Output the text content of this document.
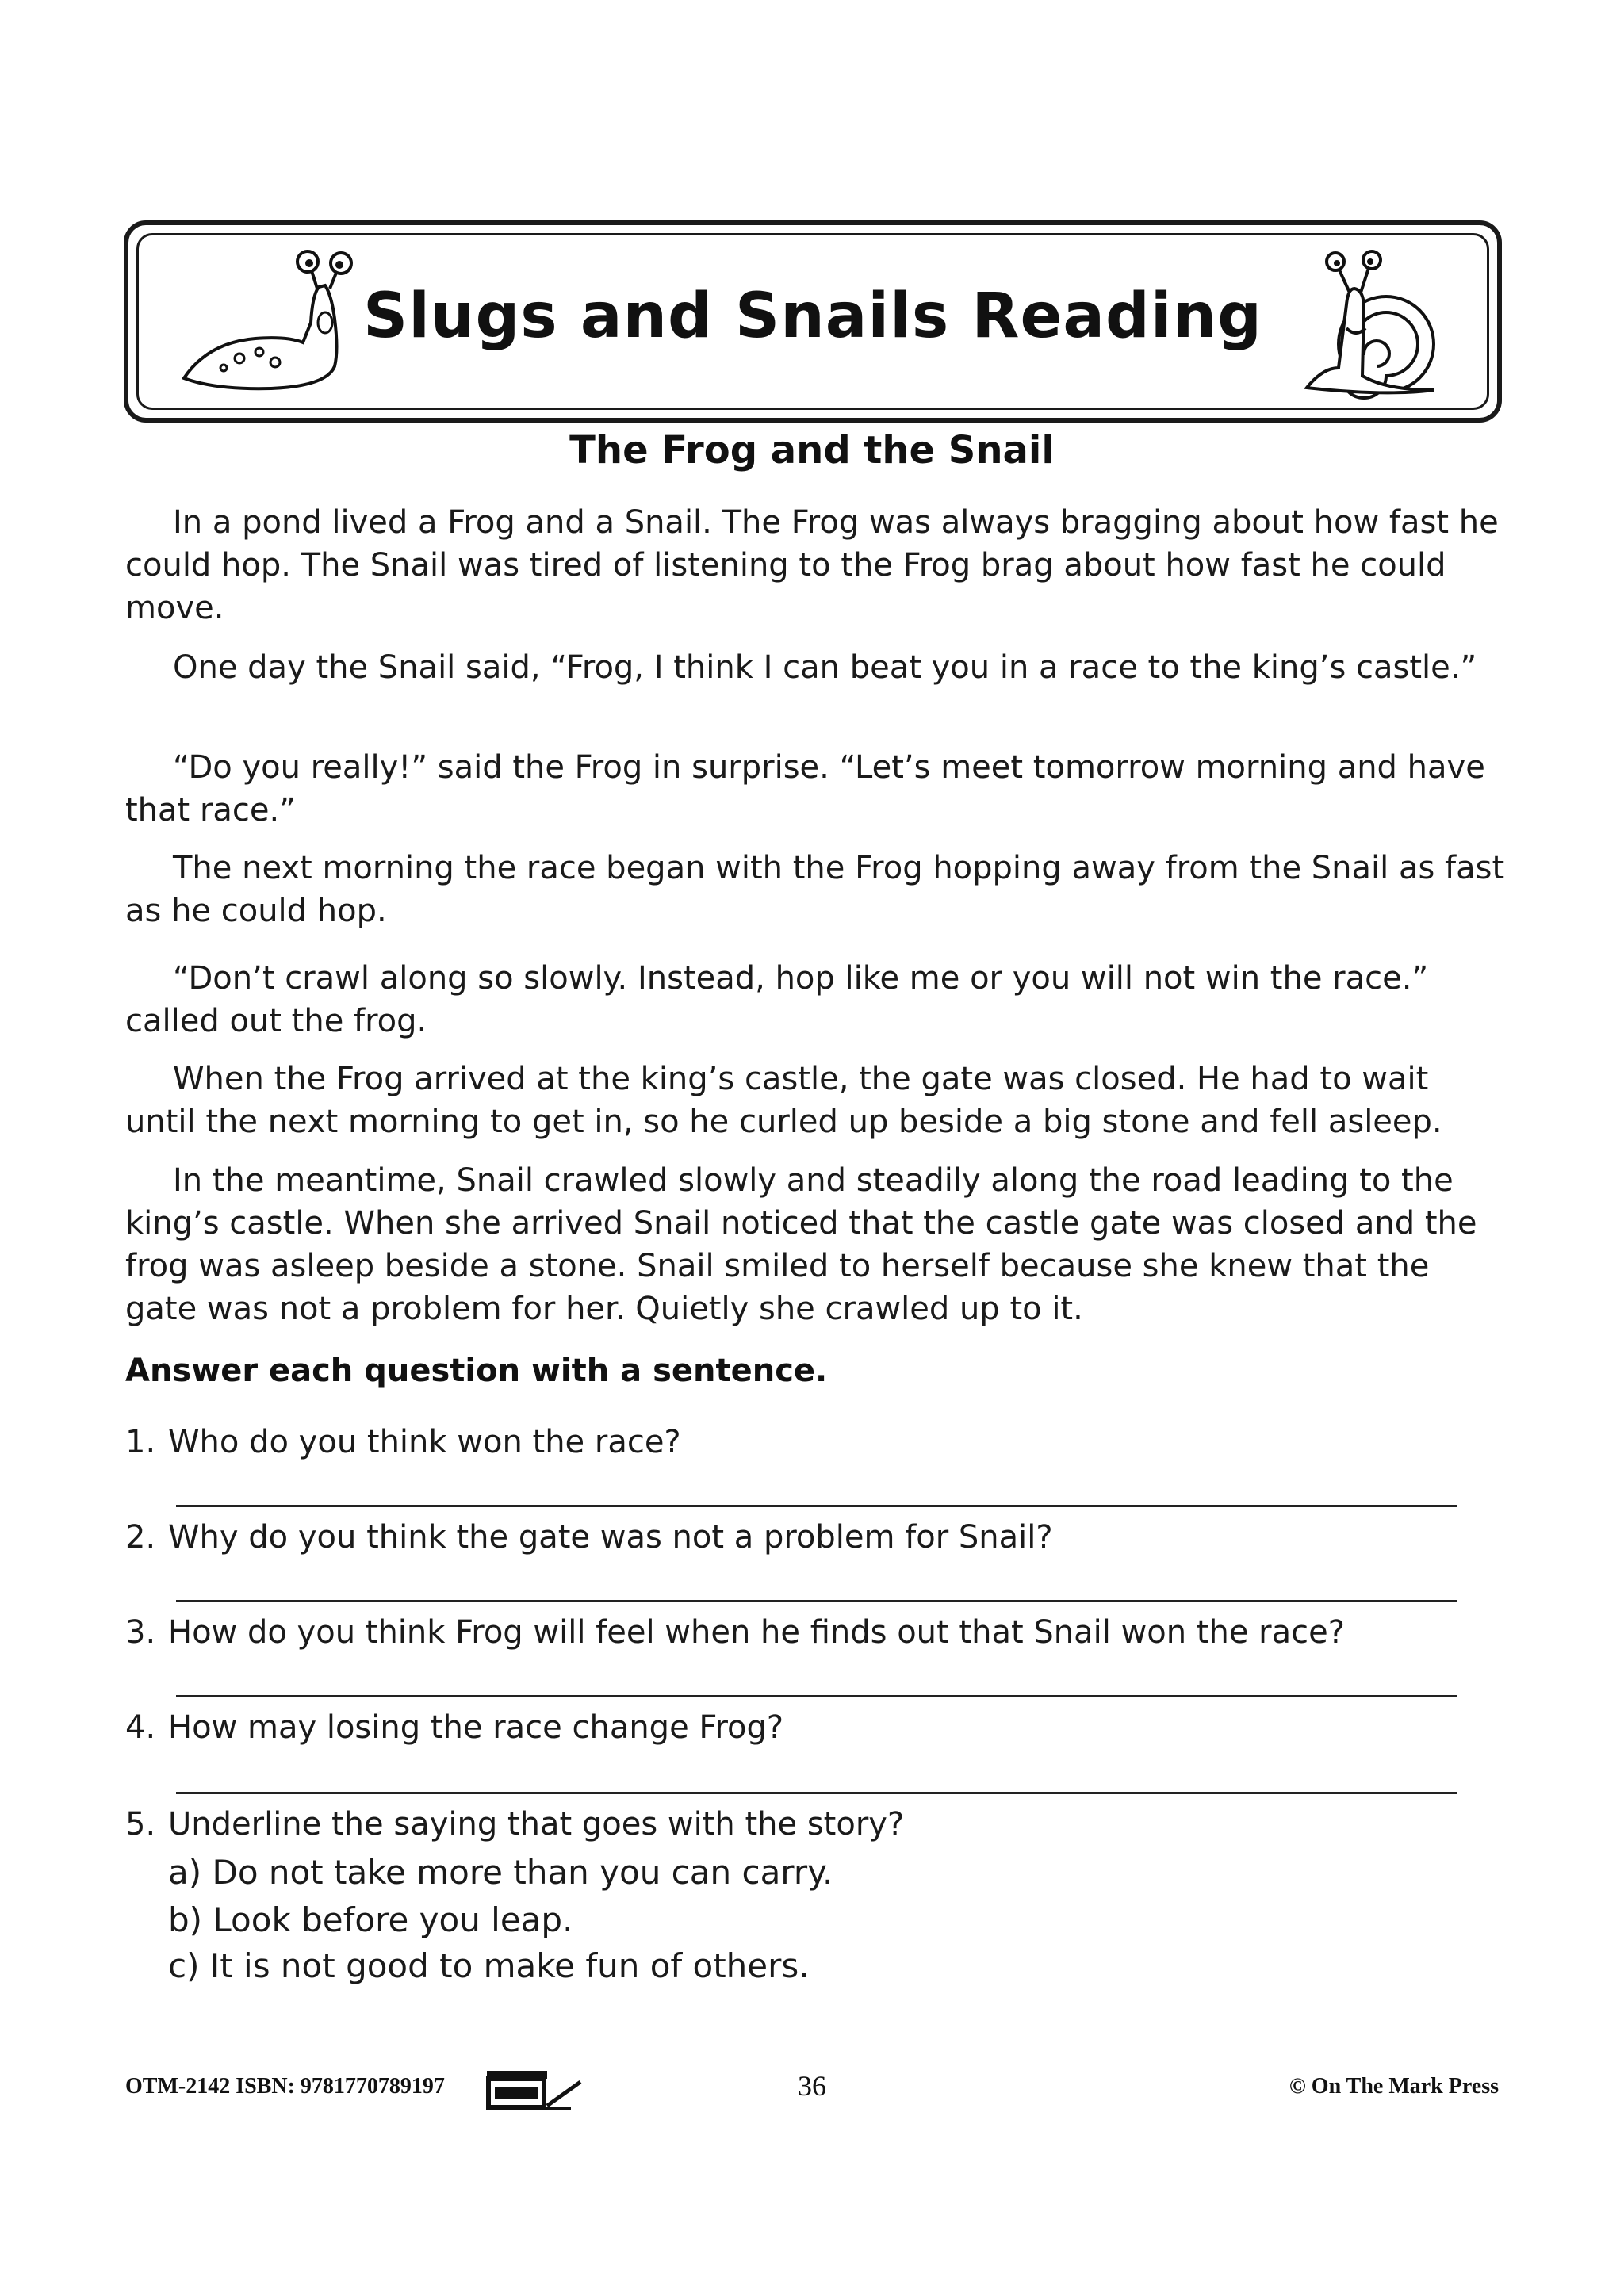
Slugs and Snails Reading
The Frog and the Snail

In a pond lived a Frog and a Snail. The Frog was always bragging about how fast he could hop. The Snail was tired of listening to the Frog brag about how fast he could move.

One day the Snail said, “Frog, I think I can beat you in a race to the king’s castle.”

“Do you really!” said the Frog in surprise. “Let’s meet tomorrow morning and have that race.”

The next morning the race began with the Frog hopping away from the Snail as fast as he could hop.

“Don’t crawl along so slowly. Instead, hop like me or you will not win the race.” called out the frog.

When the Frog arrived at the king’s castle, the gate was closed. He had to wait until the next morning to get in, so he curled up beside a big stone and fell asleep.

In the meantime, Snail crawled slowly and steadily along the road leading to the king’s castle. When she arrived Snail noticed that the castle gate was closed and the frog was asleep beside a stone. Snail smiled to herself because she knew that the gate was not a problem for her. Quietly she crawled up to it.

Answer each question with a sentence.
1. Who do you think won the race?
2. Why do you think the gate was not a problem for Snail?
3. How do you think Frog will feel when he finds out that Snail won the race?
4. How may losing the race change Frog?
5. Underline the saying that goes with the story?
a) Do not take more than you can carry.
b) Look before you leap.
c) It is not good to make fun of others.
OTM-2142 ISBN: 9781770789197	36	© On The Mark Press
